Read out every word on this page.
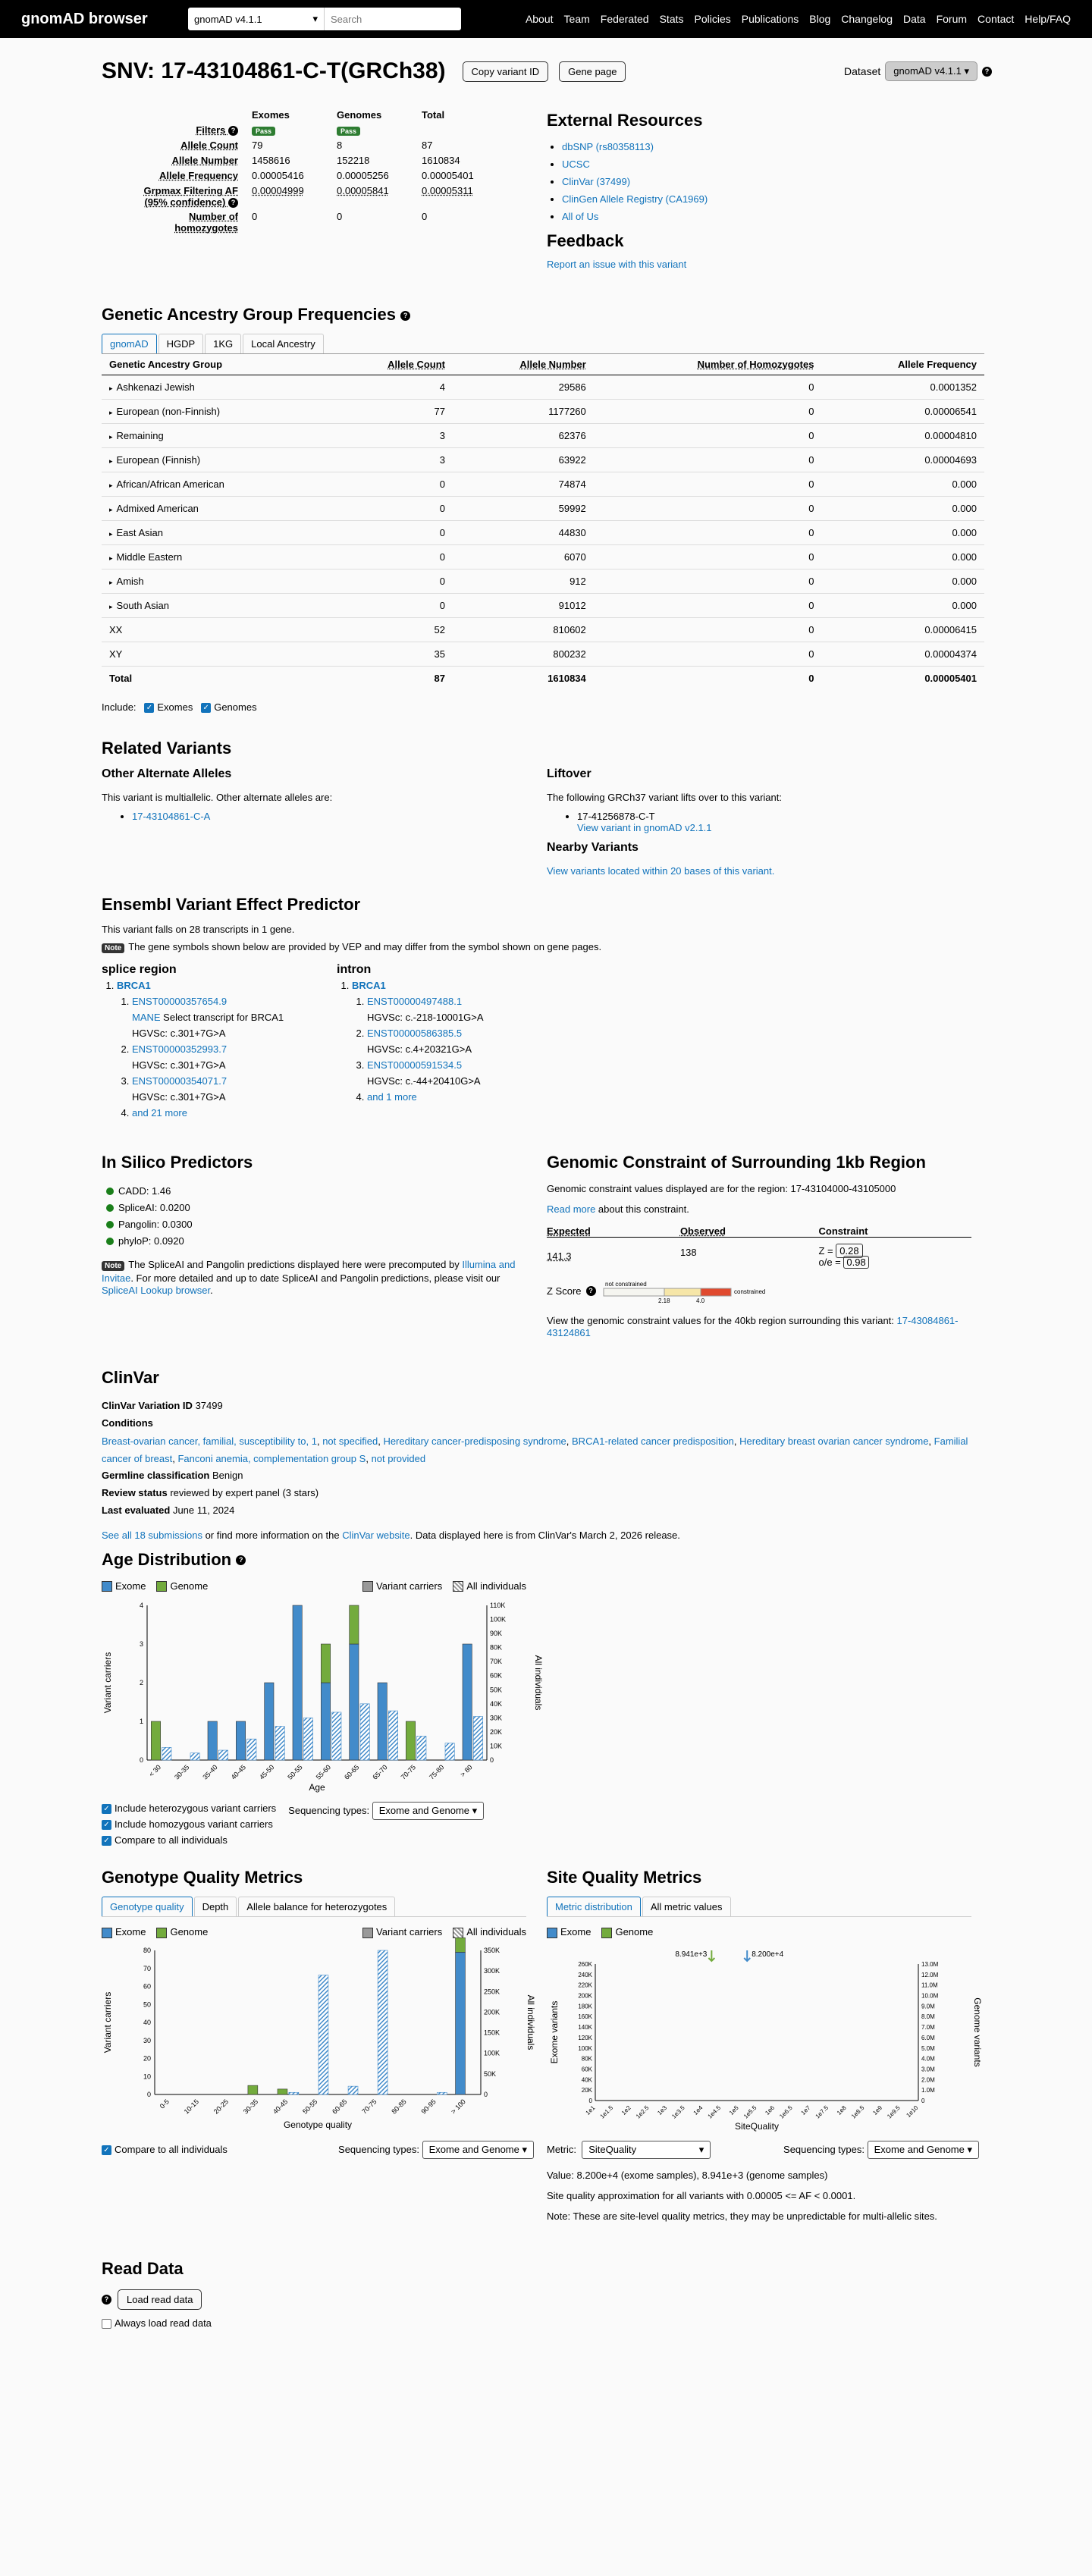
gnomAD browser	gnomAD v4.1.1	▾	Search	About Team Federated Stats Policies Publications Blog Changelog Data Forum Contact Help/FAQ
SNV: 17-43104861-C-T(GRCh38)	Copy variant ID	Gene page	Dataset	gnomAD v4.1.1 ▾	?
	Exomes	Genomes	Total
Filters ?	Pass	Pass	
Allele Count	79	8	87
Allele Number	1458616	152218	1610834
Allele Frequency	0.00005416	0.00005256	0.00005401
Grpmax Filtering AF (95% confidence) ?	0.00004999	0.00005841	0.00005311
Number of homozygotes	0	0	0
External Resources
• dbSNP (rs80358113)
• UCSC
• ClinVar (37499)
• ClinGen Allele Registry (CA1969)
• All of Us
Feedback
Report an issue with this variant
Genetic Ancestry Group Frequencies ?
gnomAD	HGDP	1KG	Local Ancestry
Genetic Ancestry Group	Allele Count	Allele Number	Number of Homozygotes	Allele Frequency
▸ Ashkenazi Jewish	4	29586	0	0.0001352
▸ European (non-Finnish)	77	1177260	0	0.00006541
▸ Remaining	3	62376	0	0.00004810
▸ European (Finnish)	3	63922	0	0.00004693
▸ African/African American	0	74874	0	0.000
▸ Admixed American	0	59992	0	0.000
▸ East Asian	0	44830	0	0.000
▸ Middle Eastern	0	6070	0	0.000
▸ Amish	0	912	0	0.000
▸ South Asian	0	91012	0	0.000
XX	52	810602	0	0.00006415
XY	35	800232	0	0.00004374
Total	87	1610834	0	0.00005401
Include: ✓ Exomes ✓ Genomes
Related Variants
Other Alternate Alleles

This variant is multiallelic. Other alternate alleles are:

• 17-43104861-C-A
Liftover

The following GRCh37 variant lifts over to this variant:

• 17-41256878-C-T
View variant in gnomAD v2.1.1
Nearby Variants

View variants located within 20 bases of this variant.

Ensembl Variant Effect Predictor

This variant falls on 28 transcripts in 1 gene.

Note The gene symbols shown below are provided by VEP and may differ from the symbol shown on gene pages.

splice region
1. BRCA1
1. ENST00000357654.9
MANE Select transcript for BRCA1
HGVSc: c.301+7G>A
2. ENST00000352993.7
HGVSc: c.301+7G>A
3. ENST00000354071.7
HGVSc: c.301+7G>A
4. and 21 more
intron
1. BRCA1
1. ENST00000497488.1
HGVSc: c.-218-10001G>A
2. ENST00000586385.5
HGVSc: c.4+20321G>A
3. ENST00000591534.5
HGVSc: c.-44+20410G>A
4. and 1 more
In Silico Predictors
CADD: 1.46
SpliceAI: 0.0200
Pangolin: 0.0300
phyloP: 0.0920

Note The SpliceAI and Pangolin predictions displayed here were precomputed by Illumina and Invitae. For more detailed and up to date SpliceAI and Pangolin predictions, please visit our SpliceAI Lookup browser.

Genomic Constraint of Surrounding 1kb Region

Genomic constraint values displayed are for the region: 17-43104000-43105000

Read more about this constraint.

Expected	Observed	Constraint
141.3	138	Z = 0.28
o/e = 0.98
Z Score	?
not constrained
constrained
2.18	4.0

View the genomic constraint values for the 40kb region surrounding this variant: 17-43084861-43124861

ClinVar

ClinVar Variation ID 37499

Conditions

Breast-ovarian cancer, familial, susceptibility to, 1, not specified, Hereditary cancer-predisposing syndrome, BRCA1-related cancer predisposition, Hereditary breast ovarian cancer syndrome, Familial cancer of breast, Fanconi anemia, complementation group S, not provided

Germline classification Benign

Review status reviewed by expert panel (3 stars)

Last evaluated June 11, 2024

See all 18 submissions or find more information on the ClinVar website. Data displayed here is from ClinVar's March 2, 2026 release.

Age Distribution ?
Exome	Genome	Variant carriers	All individuals
0
1
2
3
4
0
10K
20K
30K
40K
50K
60K
70K
80K
90K
100K
110K
< 30 30-35 35-40 40-45 45-50 50-55 55-60 60-65 65-70 70-75 75-80 > 80
Age
Variant carriers	All individuals
✓ Include heterozygous variant carriers
✓ Include homozygous variant carriers
✓ Compare to all individuals
Sequencing types: Exome and Genome ▾
Genotype Quality Metrics
Genotype quality	Depth	Allele balance for heterozygotes
Exome	Genome	Variant carriers	All individuals
0
10
20
30
40
50
60
70
80
0
50K
100K
150K
200K
250K
300K
350K
0-5 10-15 20-25 30-35 40-45 50-55 60-65 70-75 80-85 90-95 > 100
Genotype quality
Variant carriers	All individuals
✓ Compare to all individuals	Sequencing types: Exome and Genome ▾
Site Quality Metrics
Metric distribution	All metric values
Exome	Genome
0
20K
40K
60K
80K
100K
120K
140K
160K
180K
200K
220K
240K
260K
0
1.0M
2.0M
3.0M
4.0M
5.0M
6.0M
7.0M
8.0M
9.0M
10.0M
11.0M
12.0M
13.0M
1e1 1e1.5 1e2 1e2.5 1e3 1e3.5 1e4 1e4.5 1e5 1e5.5 1e6 1e6.5 1e7 1e7.5 1e8 1e8.5 1e9 1e9.5 1e10
8.941e+3	8.200e+4
SiteQuality
Exome variants	Genome variants
Metric: SiteQuality	▾	Sequencing types: Exome and Genome ▾

Value: 8.200e+4 (exome samples), 8.941e+3 (genome samples)

Site quality approximation for all variants with 0.00005 <= AF < 0.0001.

Note: These are site-level quality metrics, they may be unpredictable for multi-allelic sites.

Read Data
?	Load read data

Always load read data
